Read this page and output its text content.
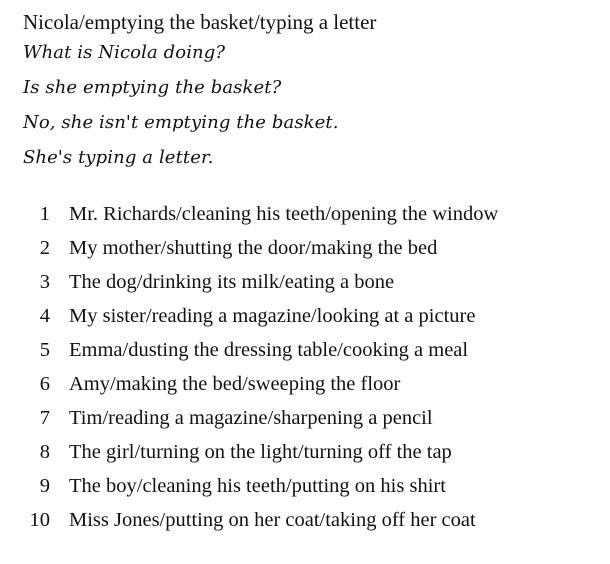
Nicola/emptying the basket/typing a letter
What is Nicola doing?
Is she emptying the basket?
No, she isn't emptying the basket.
She's typing a letter.
1 Mr. Richards/cleaning his teeth/opening the window
2 My mother/shutting the door/making the bed
3 The dog/drinking its milk/eating a bone
4 My sister/reading a magazine/looking at a picture
5 Emma/dusting the dressing table/cooking a meal
6 Amy/making the bed/sweeping the floor
7 Tim/reading a magazine/sharpening a pencil
8 The girl/turning on the light/turning off the tap
9 The boy/cleaning his teeth/putting on his shirt
10 Miss Jones/putting on her coat/taking off her coat
